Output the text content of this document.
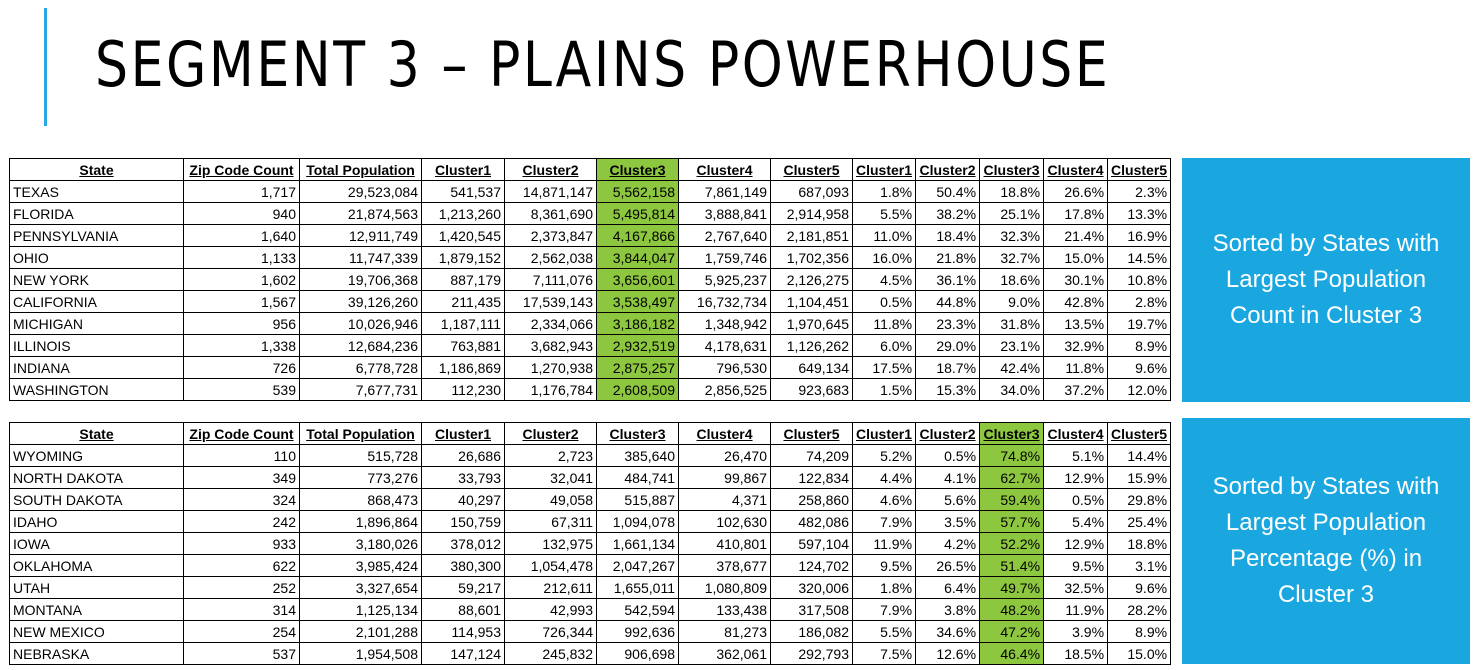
SEGMENT 3 – PLAINS POWERHOUSE
State	Zip Code Count	Total Population	Cluster1	Cluster2	Cluster3	Cluster4	Cluster5	Cluster1	Cluster2	Cluster3	Cluster4	Cluster5
TEXAS	1,717	29,523,084	541,537	14,871,147	5,562,158	7,861,149	687,093	1.8%	50.4%	18.8%	26.6%	2.3%
FLORIDA	940	21,874,563	1,213,260	8,361,690	5,495,814	3,888,841	2,914,958	5.5%	38.2%	25.1%	17.8%	13.3%
PENNSYLVANIA	1,640	12,911,749	1,420,545	2,373,847	4,167,866	2,767,640	2,181,851	11.0%	18.4%	32.3%	21.4%	16.9%
OHIO	1,133	11,747,339	1,879,152	2,562,038	3,844,047	1,759,746	1,702,356	16.0%	21.8%	32.7%	15.0%	14.5%
NEW YORK	1,602	19,706,368	887,179	7,111,076	3,656,601	5,925,237	2,126,275	4.5%	36.1%	18.6%	30.1%	10.8%
CALIFORNIA	1,567	39,126,260	211,435	17,539,143	3,538,497	16,732,734	1,104,451	0.5%	44.8%	9.0%	42.8%	2.8%
MICHIGAN	956	10,026,946	1,187,111	2,334,066	3,186,182	1,348,942	1,970,645	11.8%	23.3%	31.8%	13.5%	19.7%
ILLINOIS	1,338	12,684,236	763,881	3,682,943	2,932,519	4,178,631	1,126,262	6.0%	29.0%	23.1%	32.9%	8.9%
INDIANA	726	6,778,728	1,186,869	1,270,938	2,875,257	796,530	649,134	17.5%	18.7%	42.4%	11.8%	9.6%
WASHINGTON	539	7,677,731	112,230	1,176,784	2,608,509	2,856,525	923,683	1.5%	15.3%	34.0%	37.2%	12.0%
State	Zip Code Count	Total Population	Cluster1	Cluster2	Cluster3	Cluster4	Cluster5	Cluster1	Cluster2	Cluster3	Cluster4	Cluster5
WYOMING	110	515,728	26,686	2,723	385,640	26,470	74,209	5.2%	0.5%	74.8%	5.1%	14.4%
NORTH DAKOTA	349	773,276	33,793	32,041	484,741	99,867	122,834	4.4%	4.1%	62.7%	12.9%	15.9%
SOUTH DAKOTA	324	868,473	40,297	49,058	515,887	4,371	258,860	4.6%	5.6%	59.4%	0.5%	29.8%
IDAHO	242	1,896,864	150,759	67,311	1,094,078	102,630	482,086	7.9%	3.5%	57.7%	5.4%	25.4%
IOWA	933	3,180,026	378,012	132,975	1,661,134	410,801	597,104	11.9%	4.2%	52.2%	12.9%	18.8%
OKLAHOMA	622	3,985,424	380,300	1,054,478	2,047,267	378,677	124,702	9.5%	26.5%	51.4%	9.5%	3.1%
UTAH	252	3,327,654	59,217	212,611	1,655,011	1,080,809	320,006	1.8%	6.4%	49.7%	32.5%	9.6%
MONTANA	314	1,125,134	88,601	42,993	542,594	133,438	317,508	7.9%	3.8%	48.2%	11.9%	28.2%
NEW MEXICO	254	2,101,288	114,953	726,344	992,636	81,273	186,082	5.5%	34.6%	47.2%	3.9%	8.9%
NEBRASKA	537	1,954,508	147,124	245,832	906,698	362,061	292,793	7.5%	12.6%	46.4%	18.5%	15.0%
Sorted by States with
Largest Population
Count in Cluster 3
Sorted by States with
Largest Population
Percentage (%) in
Cluster 3
